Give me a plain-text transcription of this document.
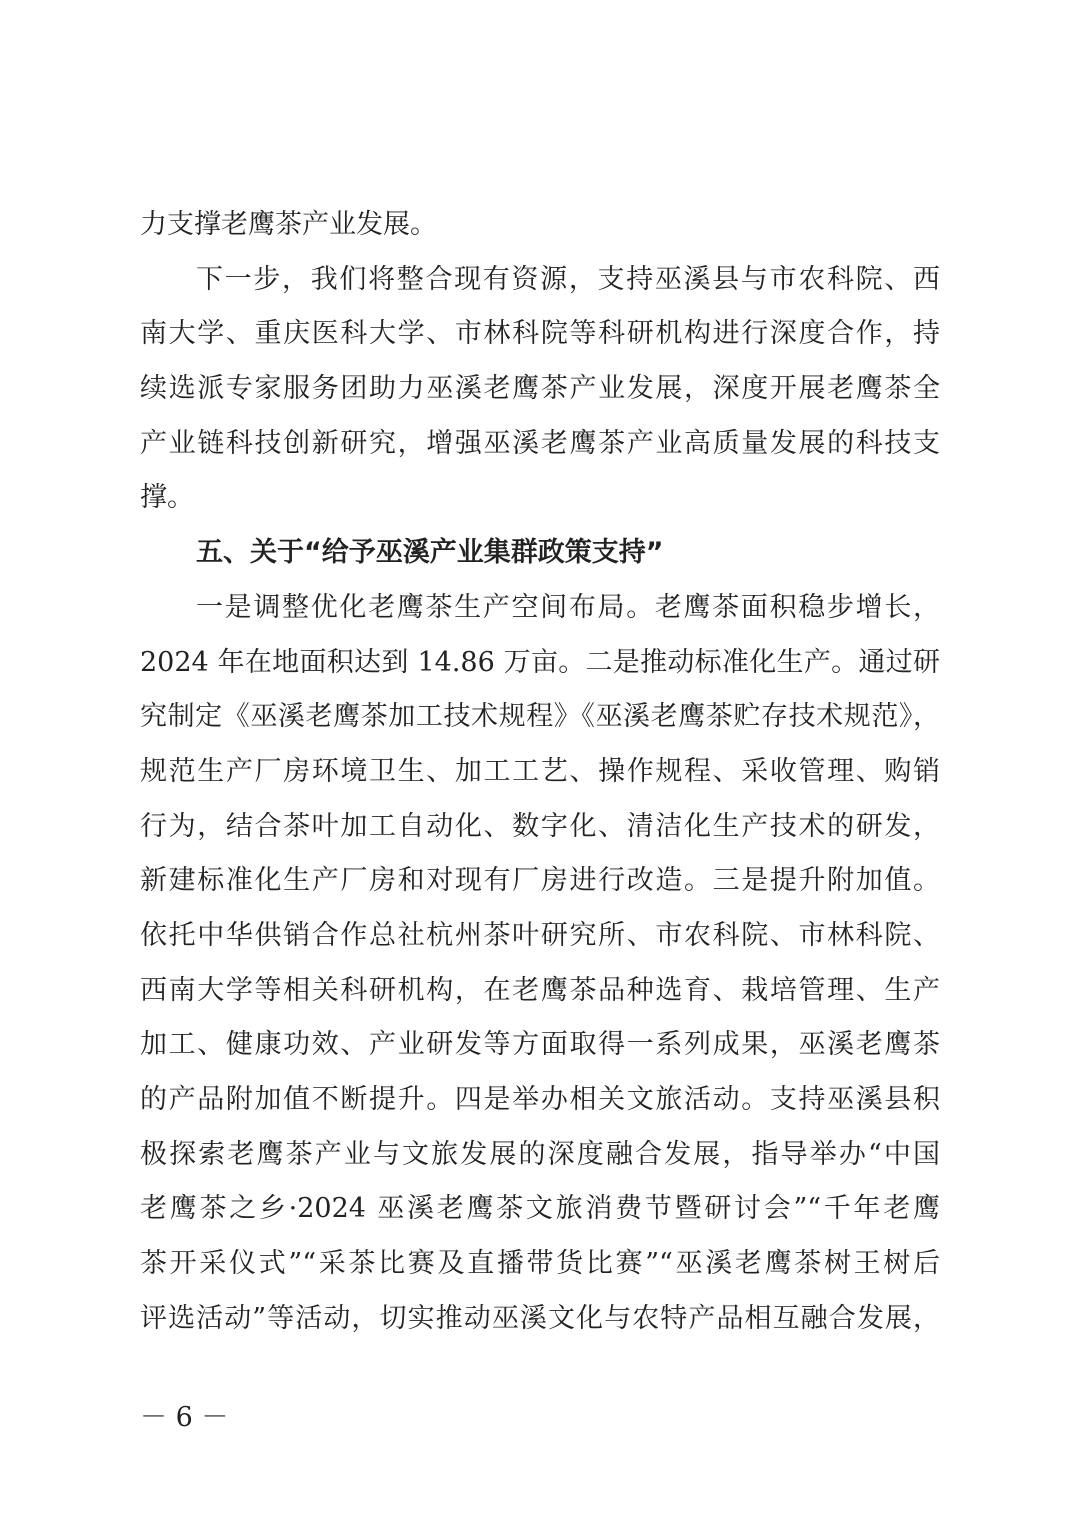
力支撑老鹰茶产业发展。
下一步，我们将整合现有资源，支持巫溪县与市农科院、西
南大学、重庆医科大学、市林科院等科研机构进行深度合作，持
续选派专家服务团助力巫溪老鹰茶产业发展，深度开展老鹰茶全
产业链科技创新研究，增强巫溪老鹰茶产业高质量发展的科技支
撑。
五、关于“给予巫溪产业集群政策支持”
一是调整优化老鹰茶生产空间布局。老鹰茶面积稳步增长，
2024 年在地面积达到 14.86 万亩。二是推动标准化生产。通过研
究制定《巫溪老鹰茶加工技术规程》《巫溪老鹰茶贮存技术规范》，
规范生产厂房环境卫生、加工工艺、操作规程、采收管理、购销
行为，结合茶叶加工自动化、数字化、清洁化生产技术的研发，
新建标准化生产厂房和对现有厂房进行改造。三是提升附加值。
依托中华供销合作总社杭州茶叶研究所、市农科院、市林科院、
西南大学等相关科研机构，在老鹰茶品种选育、栽培管理、生产
加工、健康功效、产业研发等方面取得一系列成果，巫溪老鹰茶
的产品附加值不断提升。四是举办相关文旅活动。支持巫溪县积
极探索老鹰茶产业与文旅发展的深度融合发展，指导举办“中国
老鹰茶之乡·2024 巫溪老鹰茶文旅消费节暨研讨会”“千年老鹰
茶开采仪式”“采茶比赛及直播带货比赛”“巫溪老鹰茶树王树后
评选活动”等活动，切实推动巫溪文化与农特产品相互融合发展，
－ 6 －
